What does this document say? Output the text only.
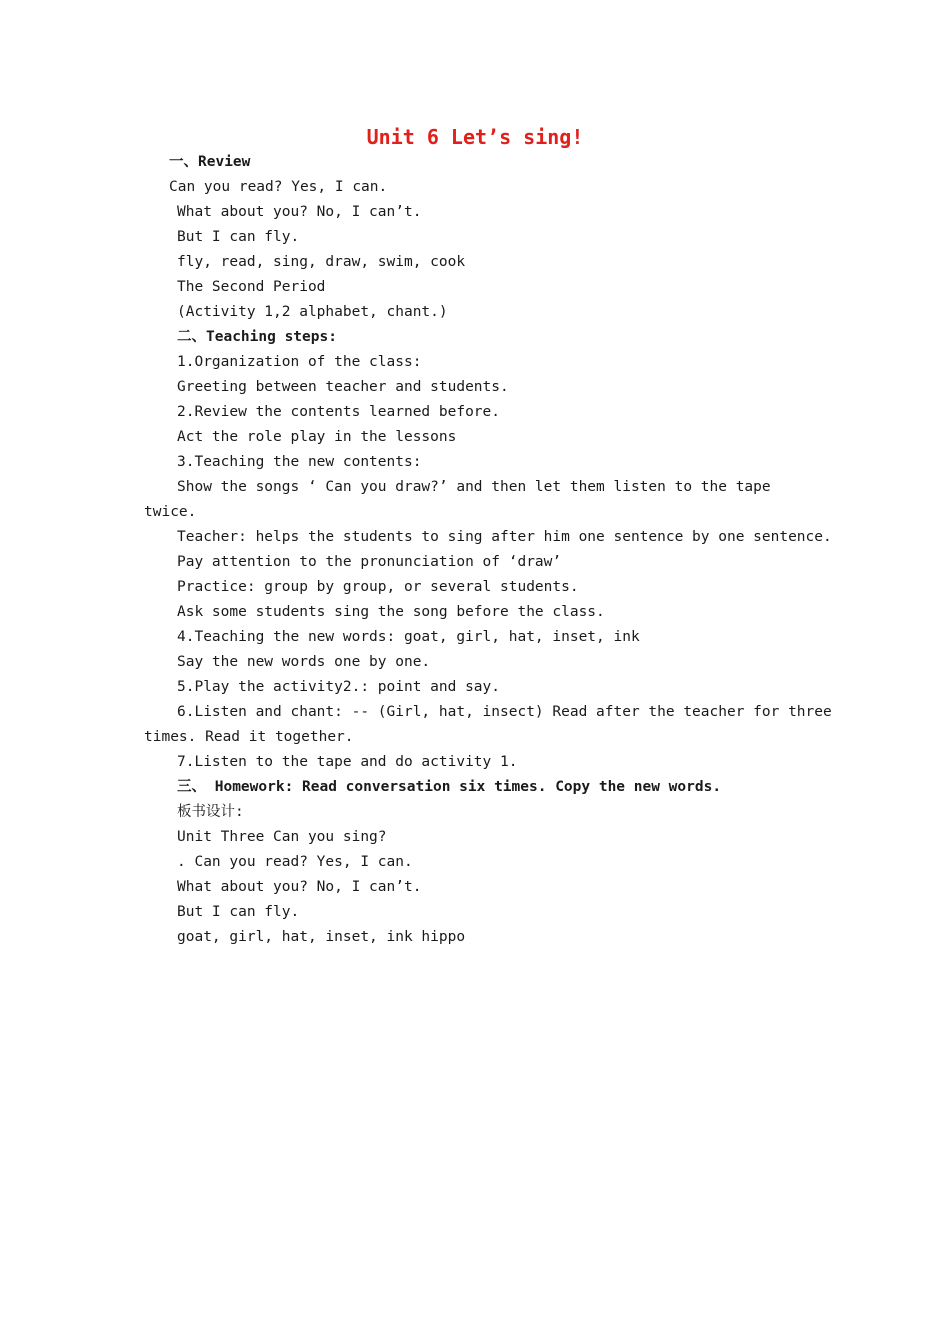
Unit 6 Let’s sing!
一、Review
Can you read? Yes, I can.
What about you? No, I can’t.
But I can fly.
fly, read, sing, draw, swim, cook
The Second Period
(Activity 1,2 alphabet, chant.)
二、Teaching steps:
1.Organization of the class:
Greeting between teacher and students.
2.Review the contents learned before.
Act the role play in the lessons
3.Teaching the new contents:
Show the songs ‘ Can you draw?’ and then let them listen to the tape
twice.
Teacher: helps the students to sing after him one sentence by one sentence.
Pay attention to the pronunciation of ‘draw’
Practice: group by group, or several students.
Ask some students sing the song before the class.
4.Teaching the new words: goat, girl, hat, inset, ink
Say the new words one by one.
5.Play the activity2.: point and say.
6.Listen and chant: -- (Girl, hat, insect) Read after the teacher for three
times. Read it together.
7.Listen to the tape and do activity 1.
三、 Homework: Read conversation six times. Copy the new words.
板书设计:
Unit Three Can you sing?
. Can you read? Yes, I can.
What about you? No, I can’t.
But I can fly.
goat, girl, hat, inset, ink hippo
